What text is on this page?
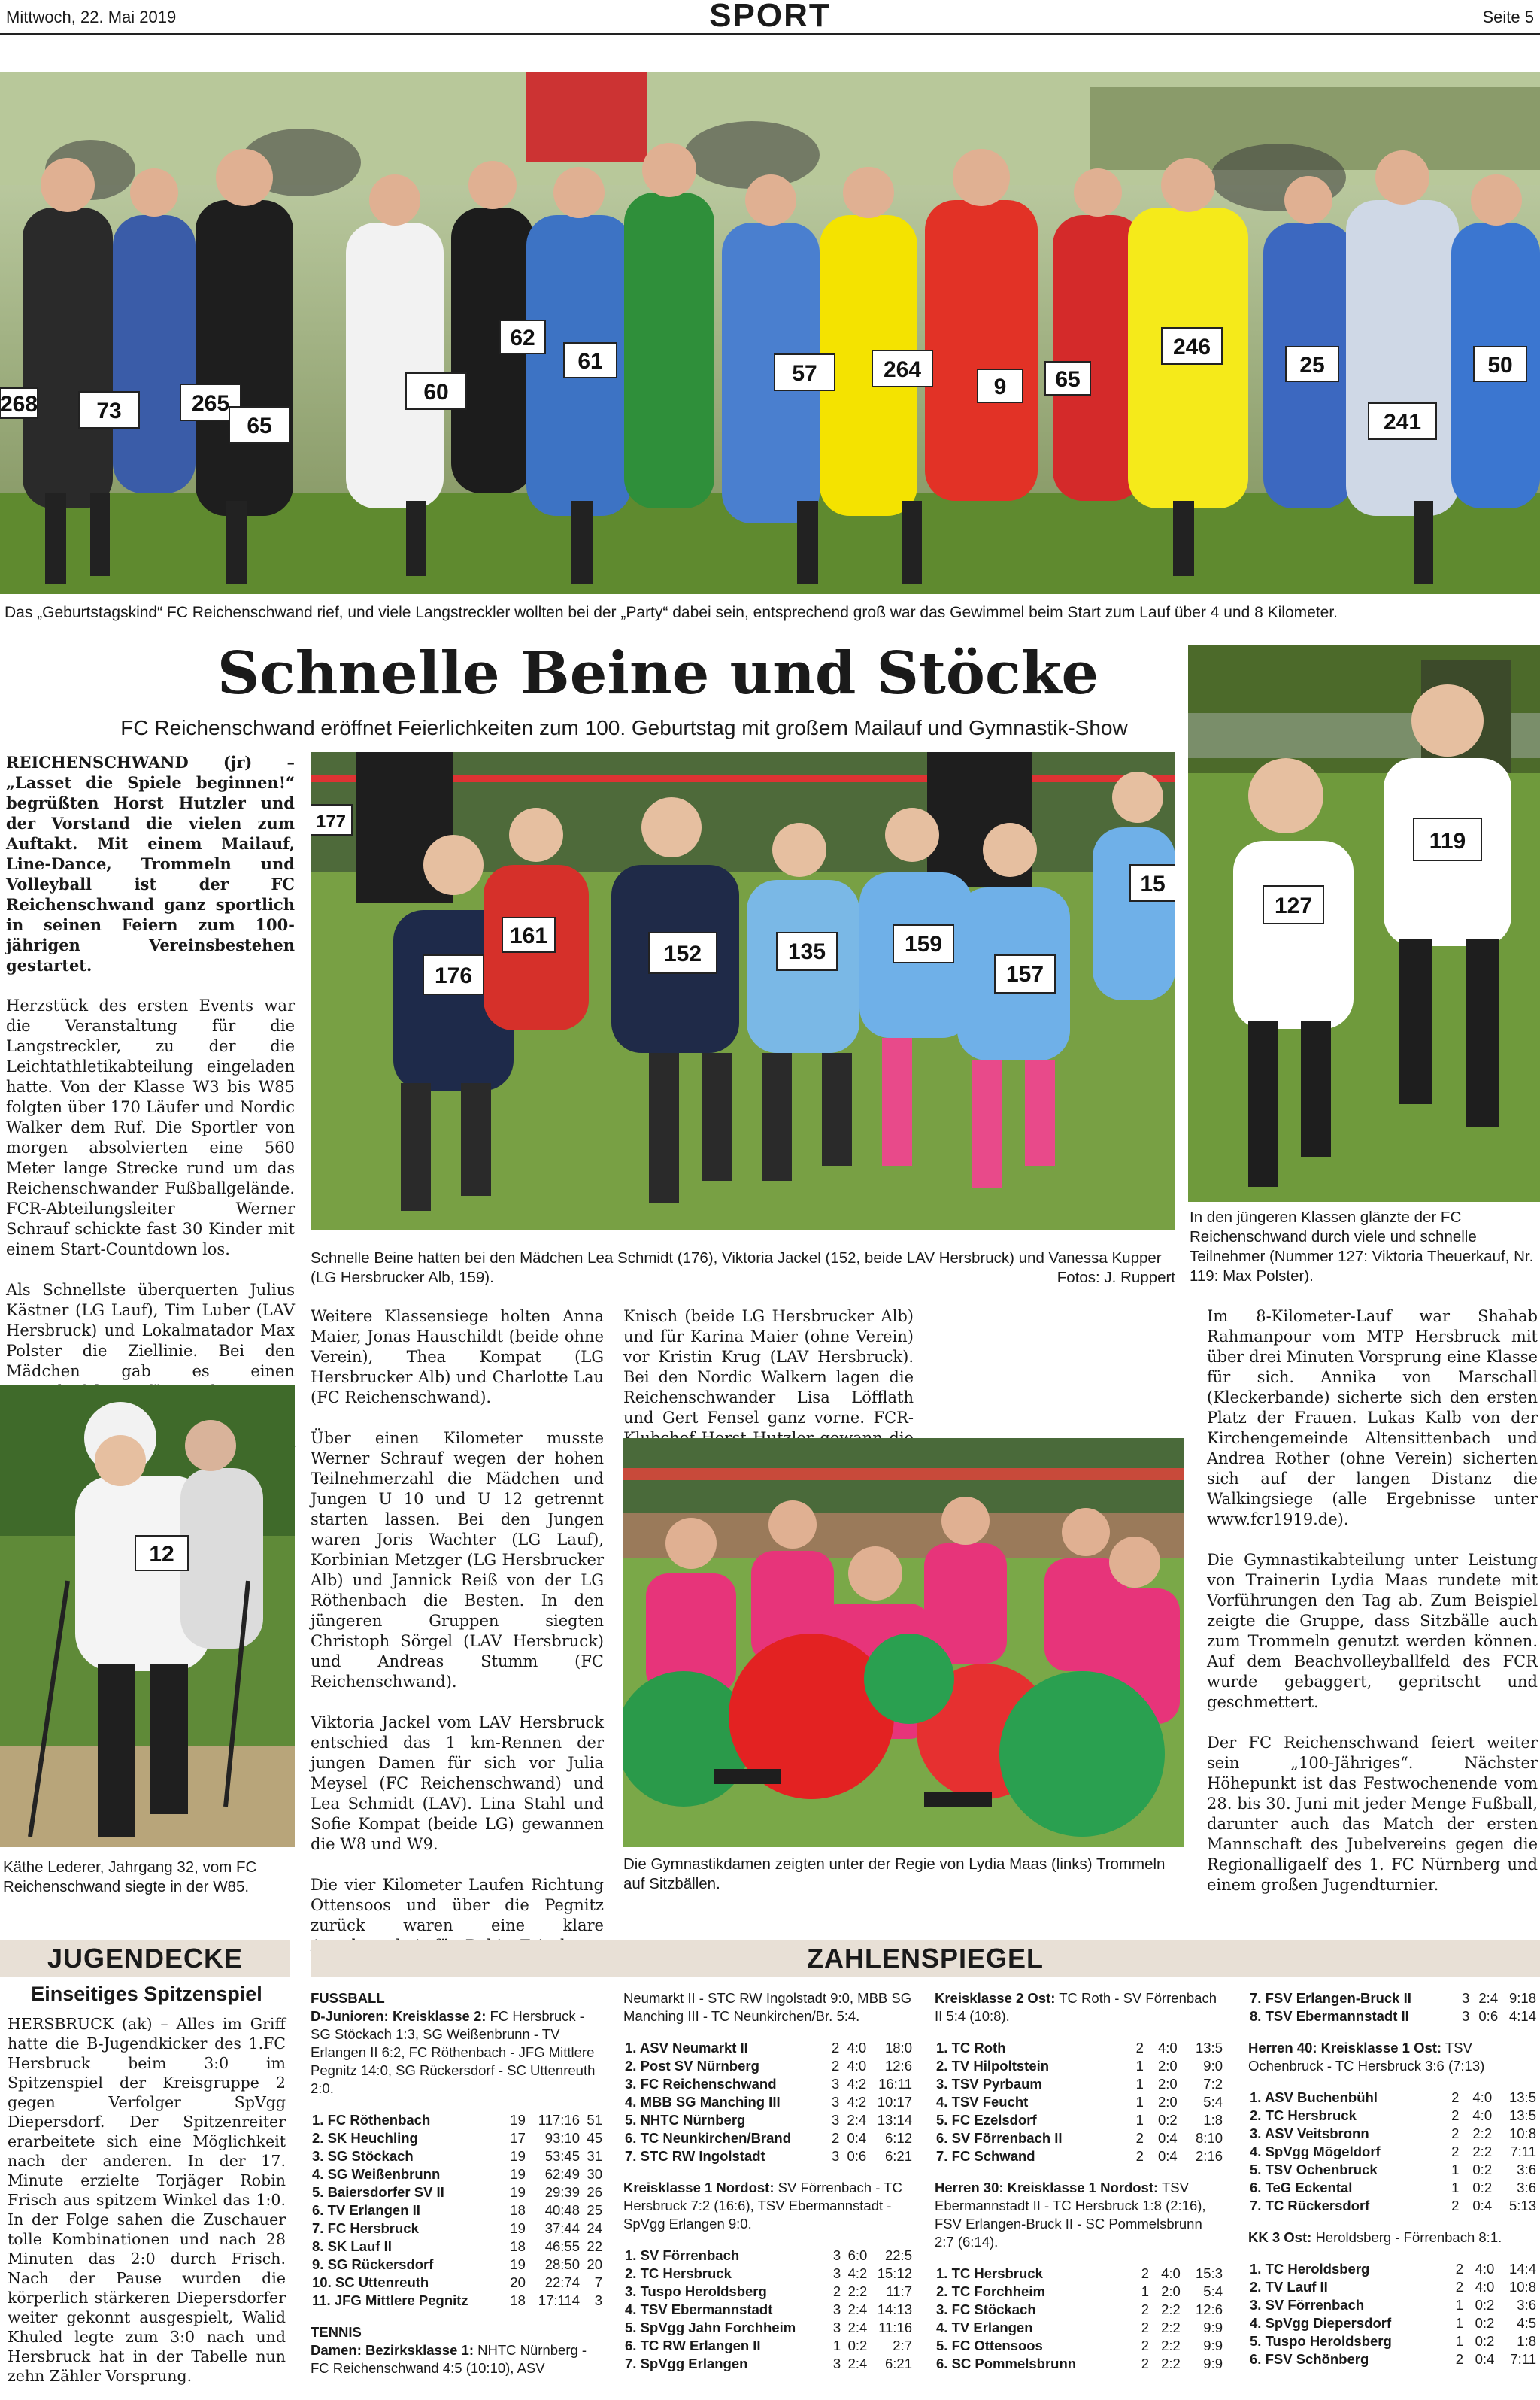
Mittwoch, 22. Mai 2019	SPORT	Seite 5
268	73	265
65
60
62
61	57	264
9 65
246
25
241
50
Das „Geburtstagskind“ FC Reichenschwand rief, und viele Langstreckler wollten bei der „Party“ dabei sein, entsprechend groß war das Gewimmel beim Start zum Lauf über 4 und 8 Kilometer.
Schnelle Beine und Stöcke
FC Reichenschwand eröffnet Feierlichkeiten zum 100. Geburtstag mit großem Mailauf und Gymnastik-Show
127
119
In den jüngeren Klassen glänzte der FC Reichenschwand durch viele und schnelle Teilnehmer (Nummer 127: Viktoria Theuerkauf, Nr. 119: Max Polster).

REICHENSCHWAND (jr) – „Lasset die Spiele beginnen!“ begrüßten Horst Hutzler und der Vorstand die vielen zum Auftakt. Mit einem Mailauf, Line-Dance, Trommeln und Volleyball ist der FC Reichenschwand ganz sportlich in seinen Feiern zum 100-jährigen Vereinsbestehen gestartet.

Herzstück des ersten Events war die Veranstaltung für die Langstreckler, zu der die Leichtathletikabteilung eingeladen hatte. Von der Klasse W3 bis W85 folgten über 170 Läufer und Nordic Walker dem Ruf. Die Sportler von morgen absolvierten eine 560 Meter lange Strecke rund um das Reichenschwander Fußballgelände. FCR-Abteilungsleiter Werner Schrauf schickte fast 30 Kinder mit einem Start-Countdown los.

Als Schnellste überquerten Julius Kästner (LG Lauf), Tim Luber (LAV Hersbruck) und Lokalmatador Max Polster die Ziellinie. Bei den Mädchen gab es einen

12
Käthe Lederer, Jahrgang 32, vom FC Reichenschwand siegte in der W85.
177
176
161
152	135	159
157
15
Schnelle Beine hatten bei den Mädchen Lea Schmidt (176), Viktoria Jackel (152, beide LAV Hersbruck) und Vanessa Kupper (LG Hersbrucker Alb, 159).	Fotos: J. Ruppert

Weitere Klassensiege holten Anna Maier, Jonas Hauschildt (beide ohne Verein), Thea Kompat (LG Hersbrucker Alb) und Charlotte Lau (FC Reichenschwand).

Über einen Kilometer musste Werner Schrauf wegen der hohen Teilnehmerzahl die Mädchen und Jungen U 10 und U 12 getrennt starten lassen. Bei den Jungen waren Joris Wachter (LG Lauf), Korbinian Metzger (LG Hersbrucker Alb) und Jannick Reiß von der LG Röthenbach die Besten. In den jüngeren Gruppen siegten Christoph Sörgel (LAV Hersbruck) und Andreas Stumm (FC Reichenschwand).

Viktoria Jackel vom LAV Hersbruck entschied das 1 km-Rennen der jungen Damen für sich vor Julia Meysel (FC Reichenschwand) und Lea Schmidt (LAV). Lina Stahl und Sofie Kompat (beide LG) gewannen die W8 und W9.

Die vier Kilometer Laufen Richtung Ottensoos und über die Pegnitz zurück waren eine klare

Knisch (beide LG Hersbrucker Alb) und für Karina Maier (ohne Verein) vor Kristin Krug (LAV Hersbruck). Bei den Nordic Walkern lagen die Reichenschwander Lisa Löfflath und Gert Fensel ganz vorne. FCR-

Die Gymnastikdamen zeigten unter der Regie von Lydia Maas (links) Trommeln auf Sitzbällen.

Im 8-Kilometer-Lauf war Shahab Rahmanpour vom MTP Hersbruck mit über drei Minuten Vorsprung eine Klasse für sich. Annika von Marschall (Kleckerbande) sicherte sich den ersten Platz der Frauen. Lukas Kalb von der Kirchengemeinde Altensittenbach und Andrea Rother (ohne Verein) sicherten sich auf der langen Distanz die Walkingsiege (alle Ergebnisse unter www.fcr1919.de).

Die Gymnastikabteilung unter Leistung von Trainerin Lydia Maas rundete mit Vorführungen den Tag ab. Zum Beispiel zeigte die Gruppe, dass Sitzbälle auch zum Trommeln genutzt werden können. Auf dem Beachvolleyballfeld des FCR wurde gebaggert, gepritscht und geschmettert.

Der FC Reichenschwand feiert weiter sein „100-Jähriges“. Nächster Höhepunkt ist das Festwochenende vom 28. bis 30. Juni mit jeder Menge Fußball, darunter auch das Match der ersten Mannschaft des Jubelvereins gegen die Regionalligaelf des 1. FC Nürnberg und einem großen Jugendturnier.

JUGENDECKE
Einseitiges Spitzenspiel

HERSBRUCK (ak) – Alles im Griff hatte die B-Jugendkicker des 1.FC Hersbruck beim 3:0 im Spitzenspiel der Kreisgruppe 2 gegen Verfolger SpVgg Diepersdorf. Der Spitzenreiter erarbeitete sich eine Möglichkeit nach der anderen. In der 17. Minute erzielte Torjäger Robin Frisch aus spitzem Winkel das 1:0. In der Folge sahen die Zuschauer tolle Kombinationen und nach 28 Minuten das 2:0 durch Frisch. Nach der Pause wurden die körperlich stärkeren Diepersdorfer weiter gekonnt ausgespielt, Walid Khuled legte zum 3:0 nach und Hersbruck hat in der Tabelle nun zehn Zähler Vorsprung.

ZAHLENSPIEGEL
FUSSBALL
D-Junioren: Kreisklasse 2: FC Hersbruck - SG Stöckach 1:3, SG Weißenbrunn - TV Erlangen II 6:2, FC Röthenbach - JFG Mittlere Pegnitz 14:0, SG Rückersdorf - SC Uttenreuth 2:0.
1. FC Röthenbach	19	117:16	51
2. SK Heuchling	17	93:10	45
3. SG Stöckach	19	53:45	31
4. SG Weißenbrunn	19	62:49	30
5. Baiersdorfer SV II	19	29:39	26
6. TV Erlangen II	18	40:48	25
7. FC Hersbruck	19	37:44	24
8. SK Lauf II	18	46:55	22
9. SG Rückersdorf	19	28:50	20
10. SC Uttenreuth	20	22:74	7
11. JFG Mittlere Pegnitz	18	17:114	3
TENNIS
Damen: Bezirksklasse 1: NHTC Nürnberg - FC Reichenschwand 4:5 (10:10), ASV
Neumarkt II - STC RW Ingolstadt 9:0, MBB SG Manching III - TC Neunkirchen/Br. 5:4.
1. ASV Neumarkt II	2	4:0	18:0
2. Post SV Nürnberg	2	4:0	12:6
3. FC Reichenschwand	3	4:2	16:11
4. MBB SG Manching III	3	4:2	10:17
5. NHTC Nürnberg	3	2:4	13:14
6. TC Neunkirchen/Brand	2	0:4	6:12
7. STC RW Ingolstadt	3	0:6	6:21
Kreisklasse 1 Nordost: SV Förrenbach - TC Hersbruck 7:2 (16:6), TSV Ebermannstadt - SpVgg Erlangen 9:0.
1. SV Förrenbach	3	6:0	22:5
2. TC Hersbruck	3	4:2	15:12
3. Tuspo Heroldsberg	2	2:2	11:7
4. TSV Ebermannstadt	3	2:4	14:13
5. SpVgg Jahn Forchheim	3	2:4	11:16
6. TC RW Erlangen II	1	0:2	2:7
7. SpVgg Erlangen	3	2:4	6:21
Kreisklasse 2 Ost: TC Roth - SV Förrenbach II 5:4 (10:8).
1. TC Roth	2	4:0	13:5
2. TV Hilpoltstein	1	2:0	9:0
3. TSV Pyrbaum	1	2:0	7:2
4. TSV Feucht	1	2:0	5:4
5. FC Ezelsdorf	1	0:2	1:8
6. SV Förrenbach II	2	0:4	8:10
7. FC Schwand	2	0:4	2:16
Herren 30: Kreisklasse 1 Nordost: TSV Ebermannstadt II - TC Hersbruck 1:8 (2:16), FSV Erlangen-Bruck II - SC Pommelsbrunn 2:7 (6:14).
1. TC Hersbruck	2	4:0	15:3
2. TC Forchheim	1	2:0	5:4
3. FC Stöckach	2	2:2	12:6
4. TV Erlangen	2	2:2	9:9
5. FC Ottensoos	2	2:2	9:9
6. SC Pommelsbrunn	2	2:2	9:9
7. FSV Erlangen-Bruck II	3	2:4	9:18
8. TSV Ebermannstadt II	3	0:6	4:14
Herren 40: Kreisklasse 1 Ost: TSV Ochenbruck - TC Hersbruck 3:6 (7:13)
1. ASV Buchenbühl	2	4:0	13:5
2. TC Hersbruck	2	4:0	13:5
3. ASV Veitsbronn	2	2:2	10:8
4. SpVgg Mögeldorf	2	2:2	7:11
5. TSV Ochenbruck	1	0:2	3:6
6. TeG Eckental	1	0:2	3:6
7. TC Rückersdorf	2	0:4	5:13
KK 3 Ost: Heroldsberg - Förrenbach 8:1.
1. TC Heroldsberg	2	4:0	14:4
2. TV Lauf II	2	4:0	10:8
3. SV Förrenbach	1	0:2	3:6
4. SpVgg Diepersdorf	1	0:2	4:5
5. Tuspo Heroldsberg	1	0:2	1:8
6. FSV Schönberg	2	0:4	7:11
